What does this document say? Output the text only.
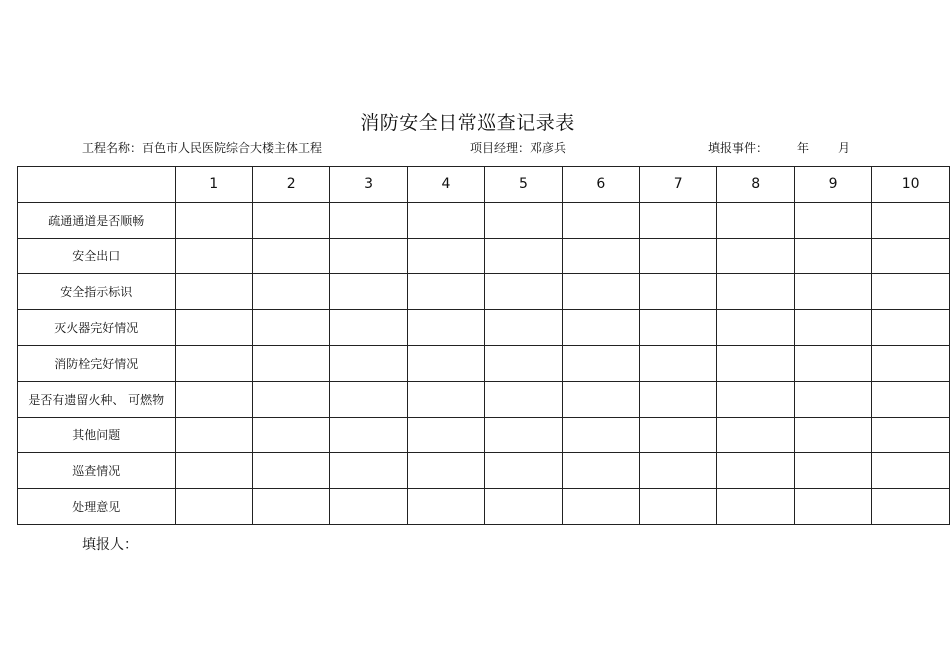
消防安全日常巡查记录表
工程名称：百色市人民医院综合大楼主体工程	项目经理：邓彦兵	填报事件： 年 月
	1	2	3	4	5	6	7	8	9	10
疏通通道是否顺畅										
安全出口										
安全指示标识										
灭火器完好情况										
消防栓完好情况										
是否有遗留火种、 可燃物										
其他问题										
巡查情况										
处理意见										
填报人：
